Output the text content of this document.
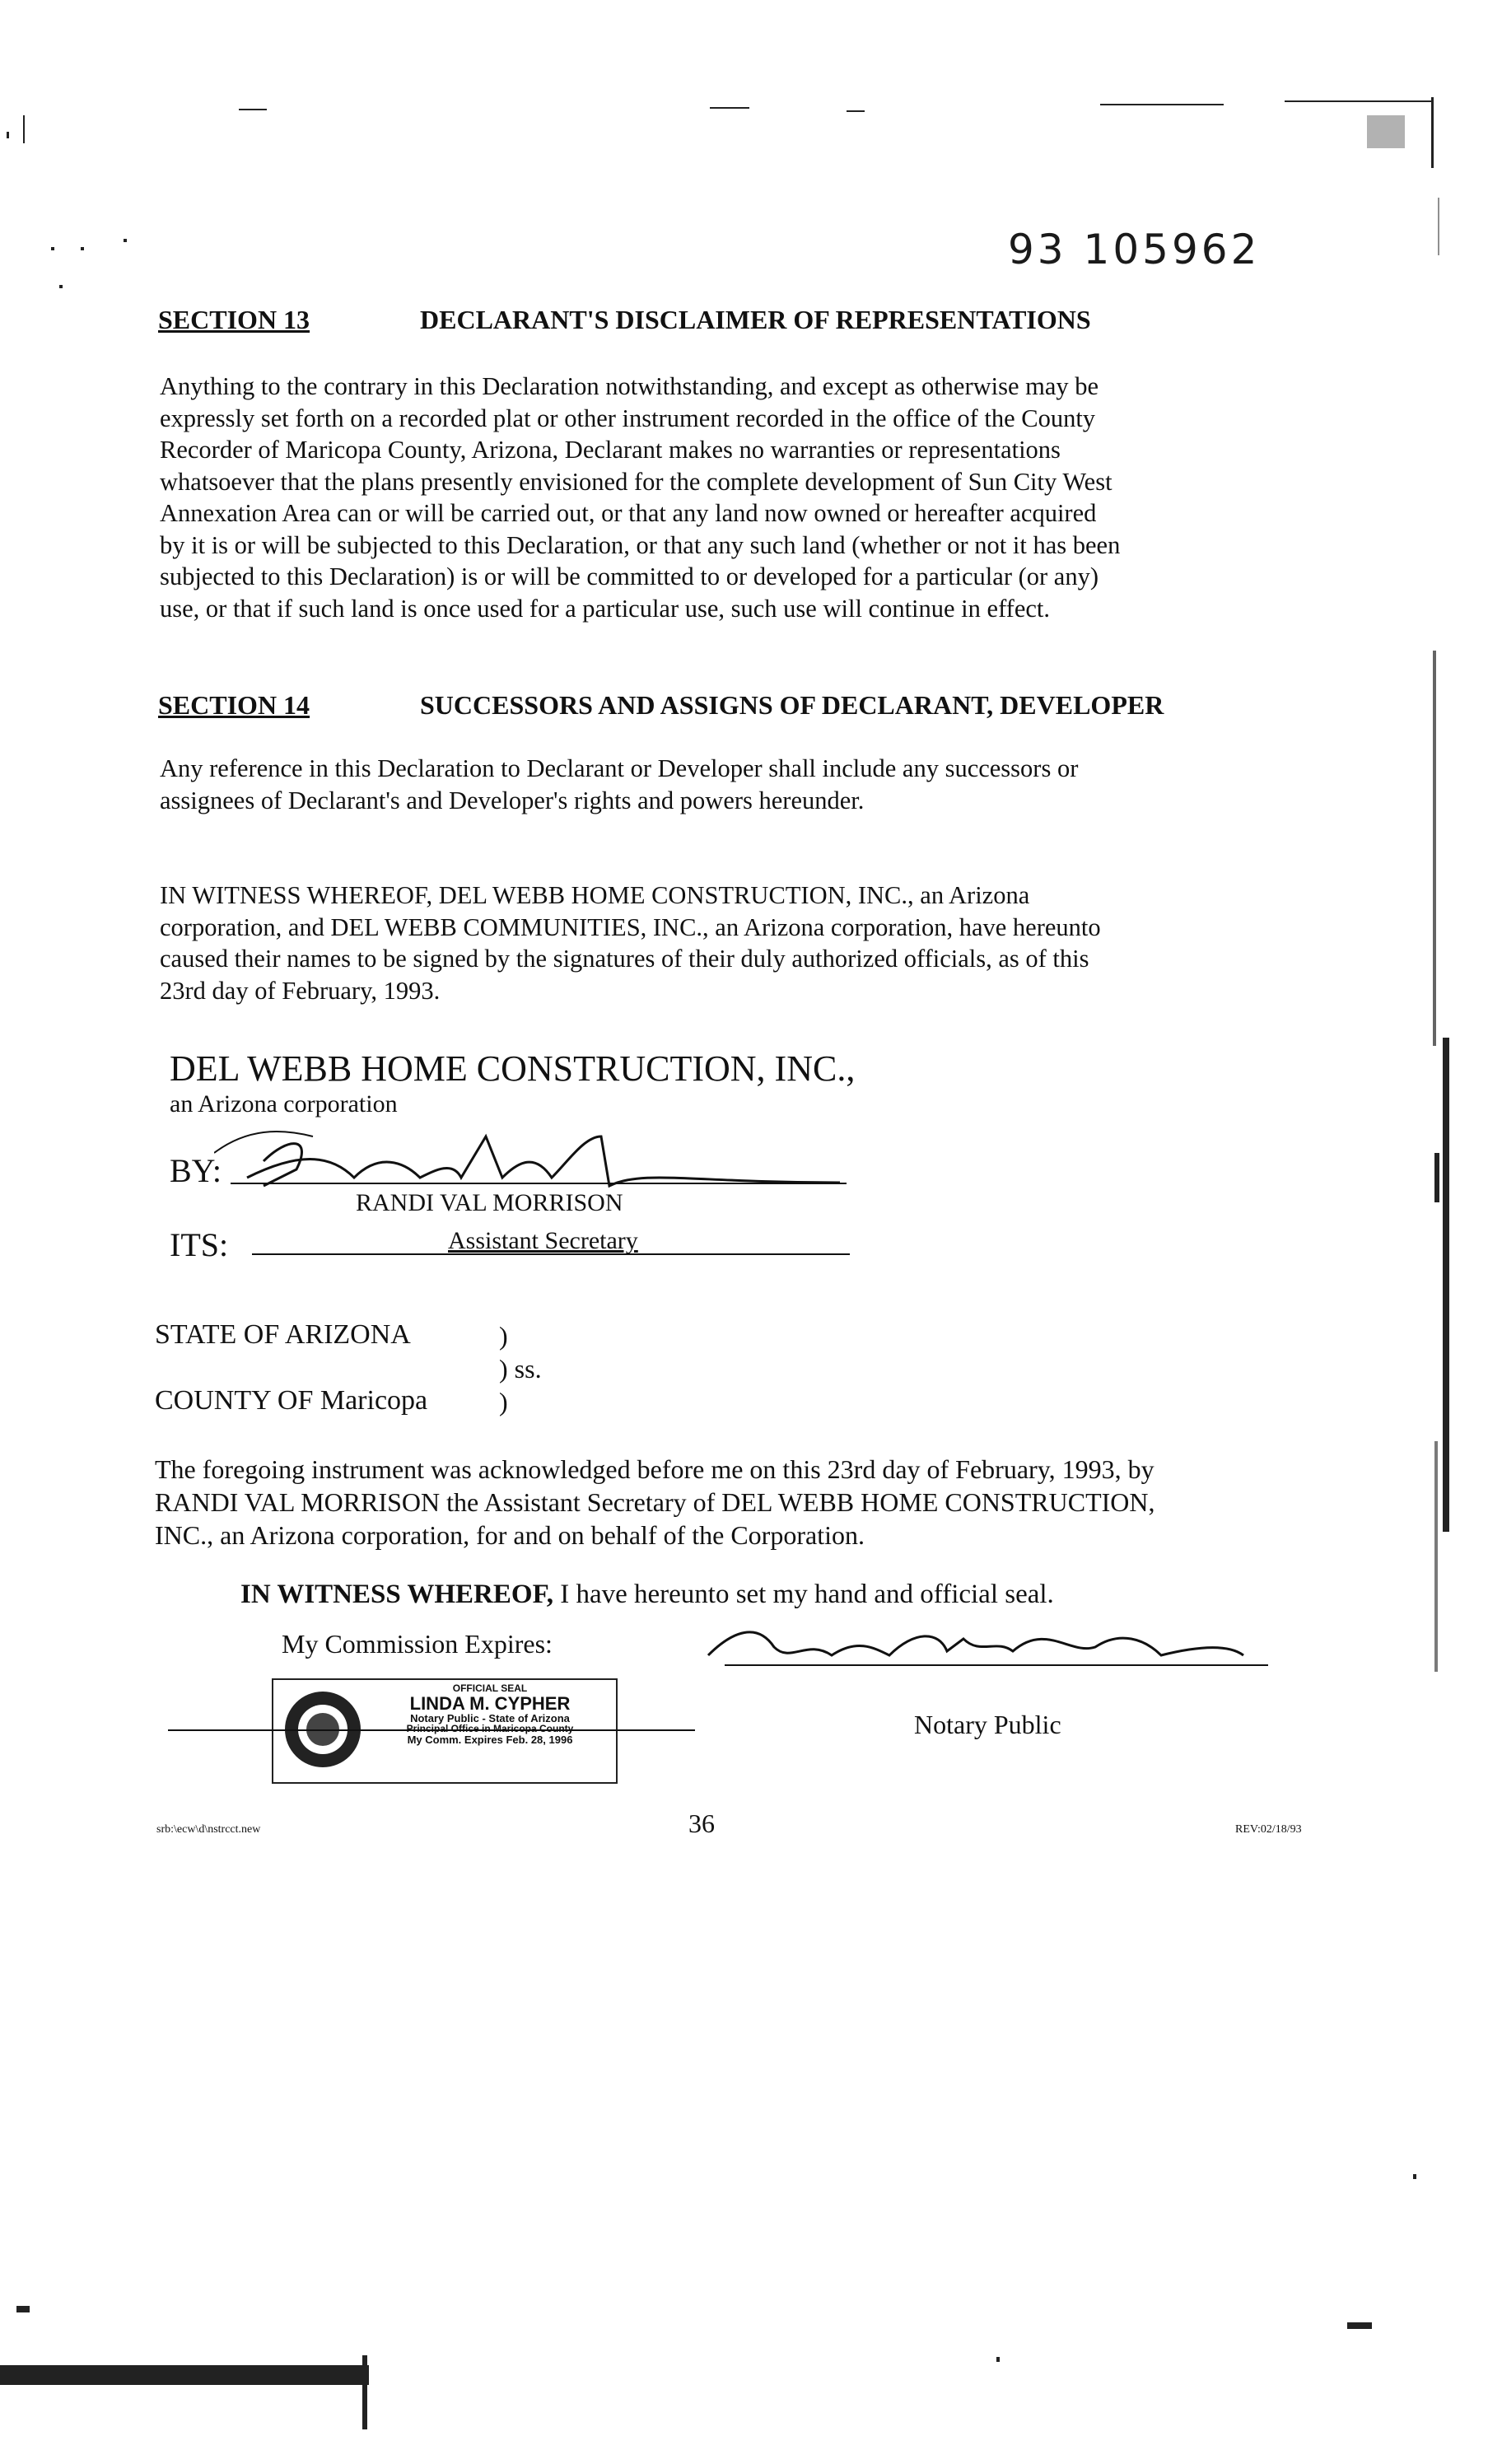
93 105962
SECTION 13	DECLARANT'S DISCLAIMER OF REPRESENTATIONS
Anything to the contrary in this Declaration notwithstanding, and except as otherwise may be
expressly set forth on a recorded plat or other instrument recorded in the office of the County
Recorder of Maricopa County, Arizona, Declarant makes no warranties or representations
whatsoever that the plans presently envisioned for the complete development of Sun City West
Annexation Area can or will be carried out, or that any land now owned or hereafter acquired
by it is or will be subjected to this Declaration, or that any such land (whether or not it has been
subjected to this Declaration) is or will be committed to or developed for a particular (or any)
use, or that if such land is once used for a particular use, such use will continue in effect.
SECTION 14	SUCCESSORS AND ASSIGNS OF DECLARANT, DEVELOPER
Any reference in this Declaration to Declarant or Developer shall include any successors or
assignees of Declarant's and Developer's rights and powers hereunder.
IN WITNESS WHEREOF, DEL WEBB HOME CONSTRUCTION, INC., an Arizona
corporation, and DEL WEBB COMMUNITIES, INC., an Arizona corporation, have hereunto
caused their names to be signed by the signatures of their duly authorized officials, as of this
23rd day of February, 1993.
DEL WEBB HOME CONSTRUCTION, INC.,
an Arizona corporation
BY:
RANDI VAL MORRISON
ITS:	Assistant Secretary
STATE OF ARIZONA	)
) ss.
COUNTY OF Maricopa	)
The foregoing instrument was acknowledged before me on this 23rd day of February, 1993, by
RANDI VAL MORRISON the Assistant Secretary of DEL WEBB HOME CONSTRUCTION,
INC., an Arizona corporation, for and on behalf of the Corporation.
IN WITNESS WHEREOF, I have hereunto set my hand and official seal.
My Commission Expires:
OFFICIAL SEAL
LINDA M. CYPHER
Notary Public - State of Arizona
Principal Office in Maricopa County
My Comm. Expires Feb. 28, 1996
Notary Public
srb:\ecw\d\nstrcct.new	36	REV:02/18/93
